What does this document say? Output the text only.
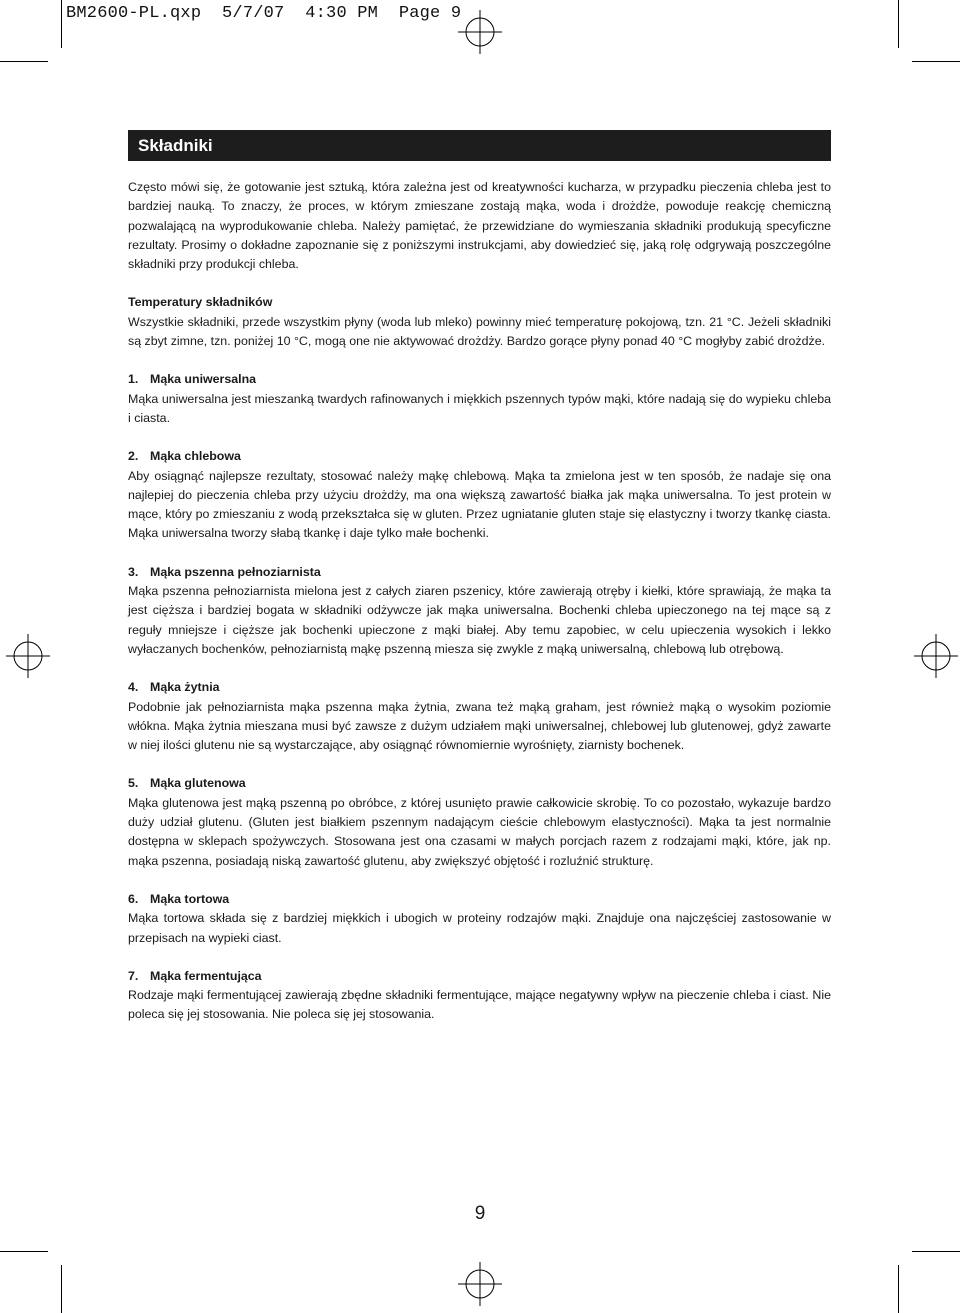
BM2600-PL.qxp  5/7/07  4:30 PM  Page 9
Składniki

Często mówi się, że gotowanie jest sztuką, która zależna jest od kreatywności kucharza, w przypadku pieczenia chleba jest to bardziej nauką. To znaczy, że proces, w którym zmieszane zostają mąka, woda i drożdże, powoduje reakcję chemiczną pozwalającą na wyprodukowanie chleba. Należy pamiętać, że przewidziane do wymieszania składniki produkują specyficzne rezultaty. Prosimy o dokładne zapoznanie się z poniższymi instrukcjami, aby dowiedzieć się, jaką rolę odgrywają poszczególne składniki przy produkcji chleba.

Temperatury składników

Wszystkie składniki, przede wszystkim płyny (woda lub mleko) powinny mieć temperaturę pokojową, tzn. 21 °C. Jeżeli składniki są zbyt zimne, tzn. poniżej 10 °C, mogą one nie aktywować drożdży. Bardzo gorące płyny ponad 40 °C mogłyby zabić drożdże.

1. Mąka uniwersalna

Mąka uniwersalna jest mieszanką twardych rafinowanych i miękkich pszennych typów mąki, które nadają się do wypieku chleba i ciasta.

2. Mąka chlebowa

Aby osiągnąć najlepsze rezultaty, stosować należy mąkę chlebową. Mąka ta zmielona jest w ten sposób, że nadaje się ona najlepiej do pieczenia chleba przy użyciu drożdży, ma ona większą zawartość białka jak mąka uniwersalna. To jest protein w mące, który po zmieszaniu z wodą przekształca się w gluten. Przez ugniatanie gluten staje się elastyczny i tworzy tkankę ciasta. Mąka uniwersalna tworzy słabą tkankę i daje tylko małe bochenki.

3. Mąka pszenna pełnoziarnista

Mąka pszenna pełnoziarnista mielona jest z całych ziaren pszenicy, które zawierają otręby i kiełki, które sprawiają, że mąka ta jest cięższa i bardziej bogata w składniki odżywcze jak mąka uniwersalna. Bochenki chleba upieczonego na tej mące są z reguły mniejsze i cięższe jak bochenki upieczone z mąki białej. Aby temu zapobiec, w celu upieczenia wysokich i lekko wyłaczanych bochenków, pełnoziarnistą mąkę pszenną miesza się zwykle z mąką uniwersalną, chlebową lub otrębową.

4. Mąka żytnia

Podobnie jak pełnoziarnista mąka pszenna mąka żytnia, zwana też mąką graham, jest również mąką o wysokim poziomie włókna. Mąka żytnia mieszana musi być zawsze z dużym udziałem mąki uniwersalnej, chlebowej lub glutenowej, gdyż zawarte w niej ilości glutenu nie są wystarczające, aby osiągnąć równomiernie wyrośnięty, ziarnisty bochenek.

5. Mąka glutenowa

Mąka glutenowa jest mąką pszenną po obróbce, z której usunięto prawie całkowicie skrobię. To co pozostało, wykazuje bardzo duży udział glutenu. (Gluten jest białkiem pszennym nadającym cieście chlebowym elastyczności). Mąka ta jest normalnie dostępna w sklepach spożywczych. Stosowana jest ona czasami w małych porcjach razem z rodzajami mąki, które, jak np. mąka pszenna, posiadają niską zawartość glutenu, aby zwiększyć objętość i rozluźnić strukturę.

6. Mąka tortowa

Mąka tortowa składa się z bardziej miękkich i ubogich w proteiny rodzajów mąki. Znajduje ona najczęściej zastosowanie w przepisach na wypieki ciast.

7. Mąka fermentująca

Rodzaje mąki fermentującej zawierają zbędne składniki fermentujące, mające negatywny wpływ na pieczenie chleba i ciast. Nie poleca się jej stosowania. Nie poleca się jej stosowania.

9
